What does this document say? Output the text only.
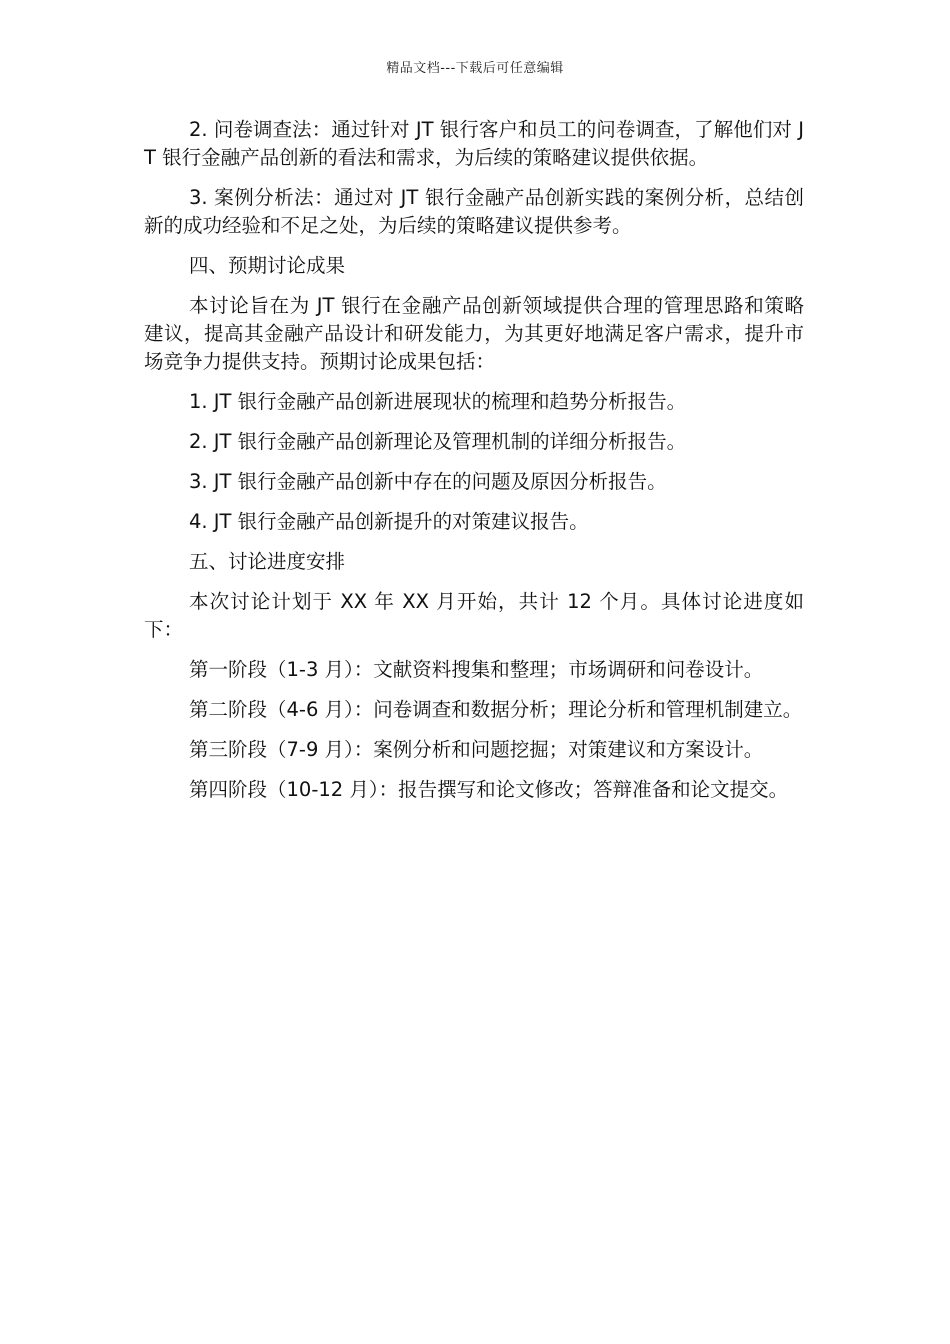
精品文档---下载后可任意编辑

2. 问卷调查法：通过针对 JT 银行客户和员工的问卷调查，了解他们对 JT 银行金融产品创新的看法和需求，为后续的策略建议提供依据。

3. 案例分析法：通过对 JT 银行金融产品创新实践的案例分析，总结创新的成功经验和不足之处，为后续的策略建议提供参考。

四、预期讨论成果

本讨论旨在为 JT 银行在金融产品创新领域提供合理的管理思路和策略建议，提高其金融产品设计和研发能力，为其更好地满足客户需求，提升市场竞争力提供支持。预期讨论成果包括：

1. JT 银行金融产品创新进展现状的梳理和趋势分析报告。

2. JT 银行金融产品创新理论及管理机制的详细分析报告。

3. JT 银行金融产品创新中存在的问题及原因分析报告。

4. JT 银行金融产品创新提升的对策建议报告。

五、讨论进度安排

本次讨论计划于 XX 年 XX 月开始，共计 12 个月。具体讨论进度如下：

第一阶段（1-3 月）：文献资料搜集和整理；市场调研和问卷设计。

第二阶段（4-6 月）：问卷调查和数据分析；理论分析和管理机制建立。

第三阶段（7-9 月）：案例分析和问题挖掘；对策建议和方案设计。

第四阶段（10-12 月）：报告撰写和论文修改；答辩准备和论文提交。
